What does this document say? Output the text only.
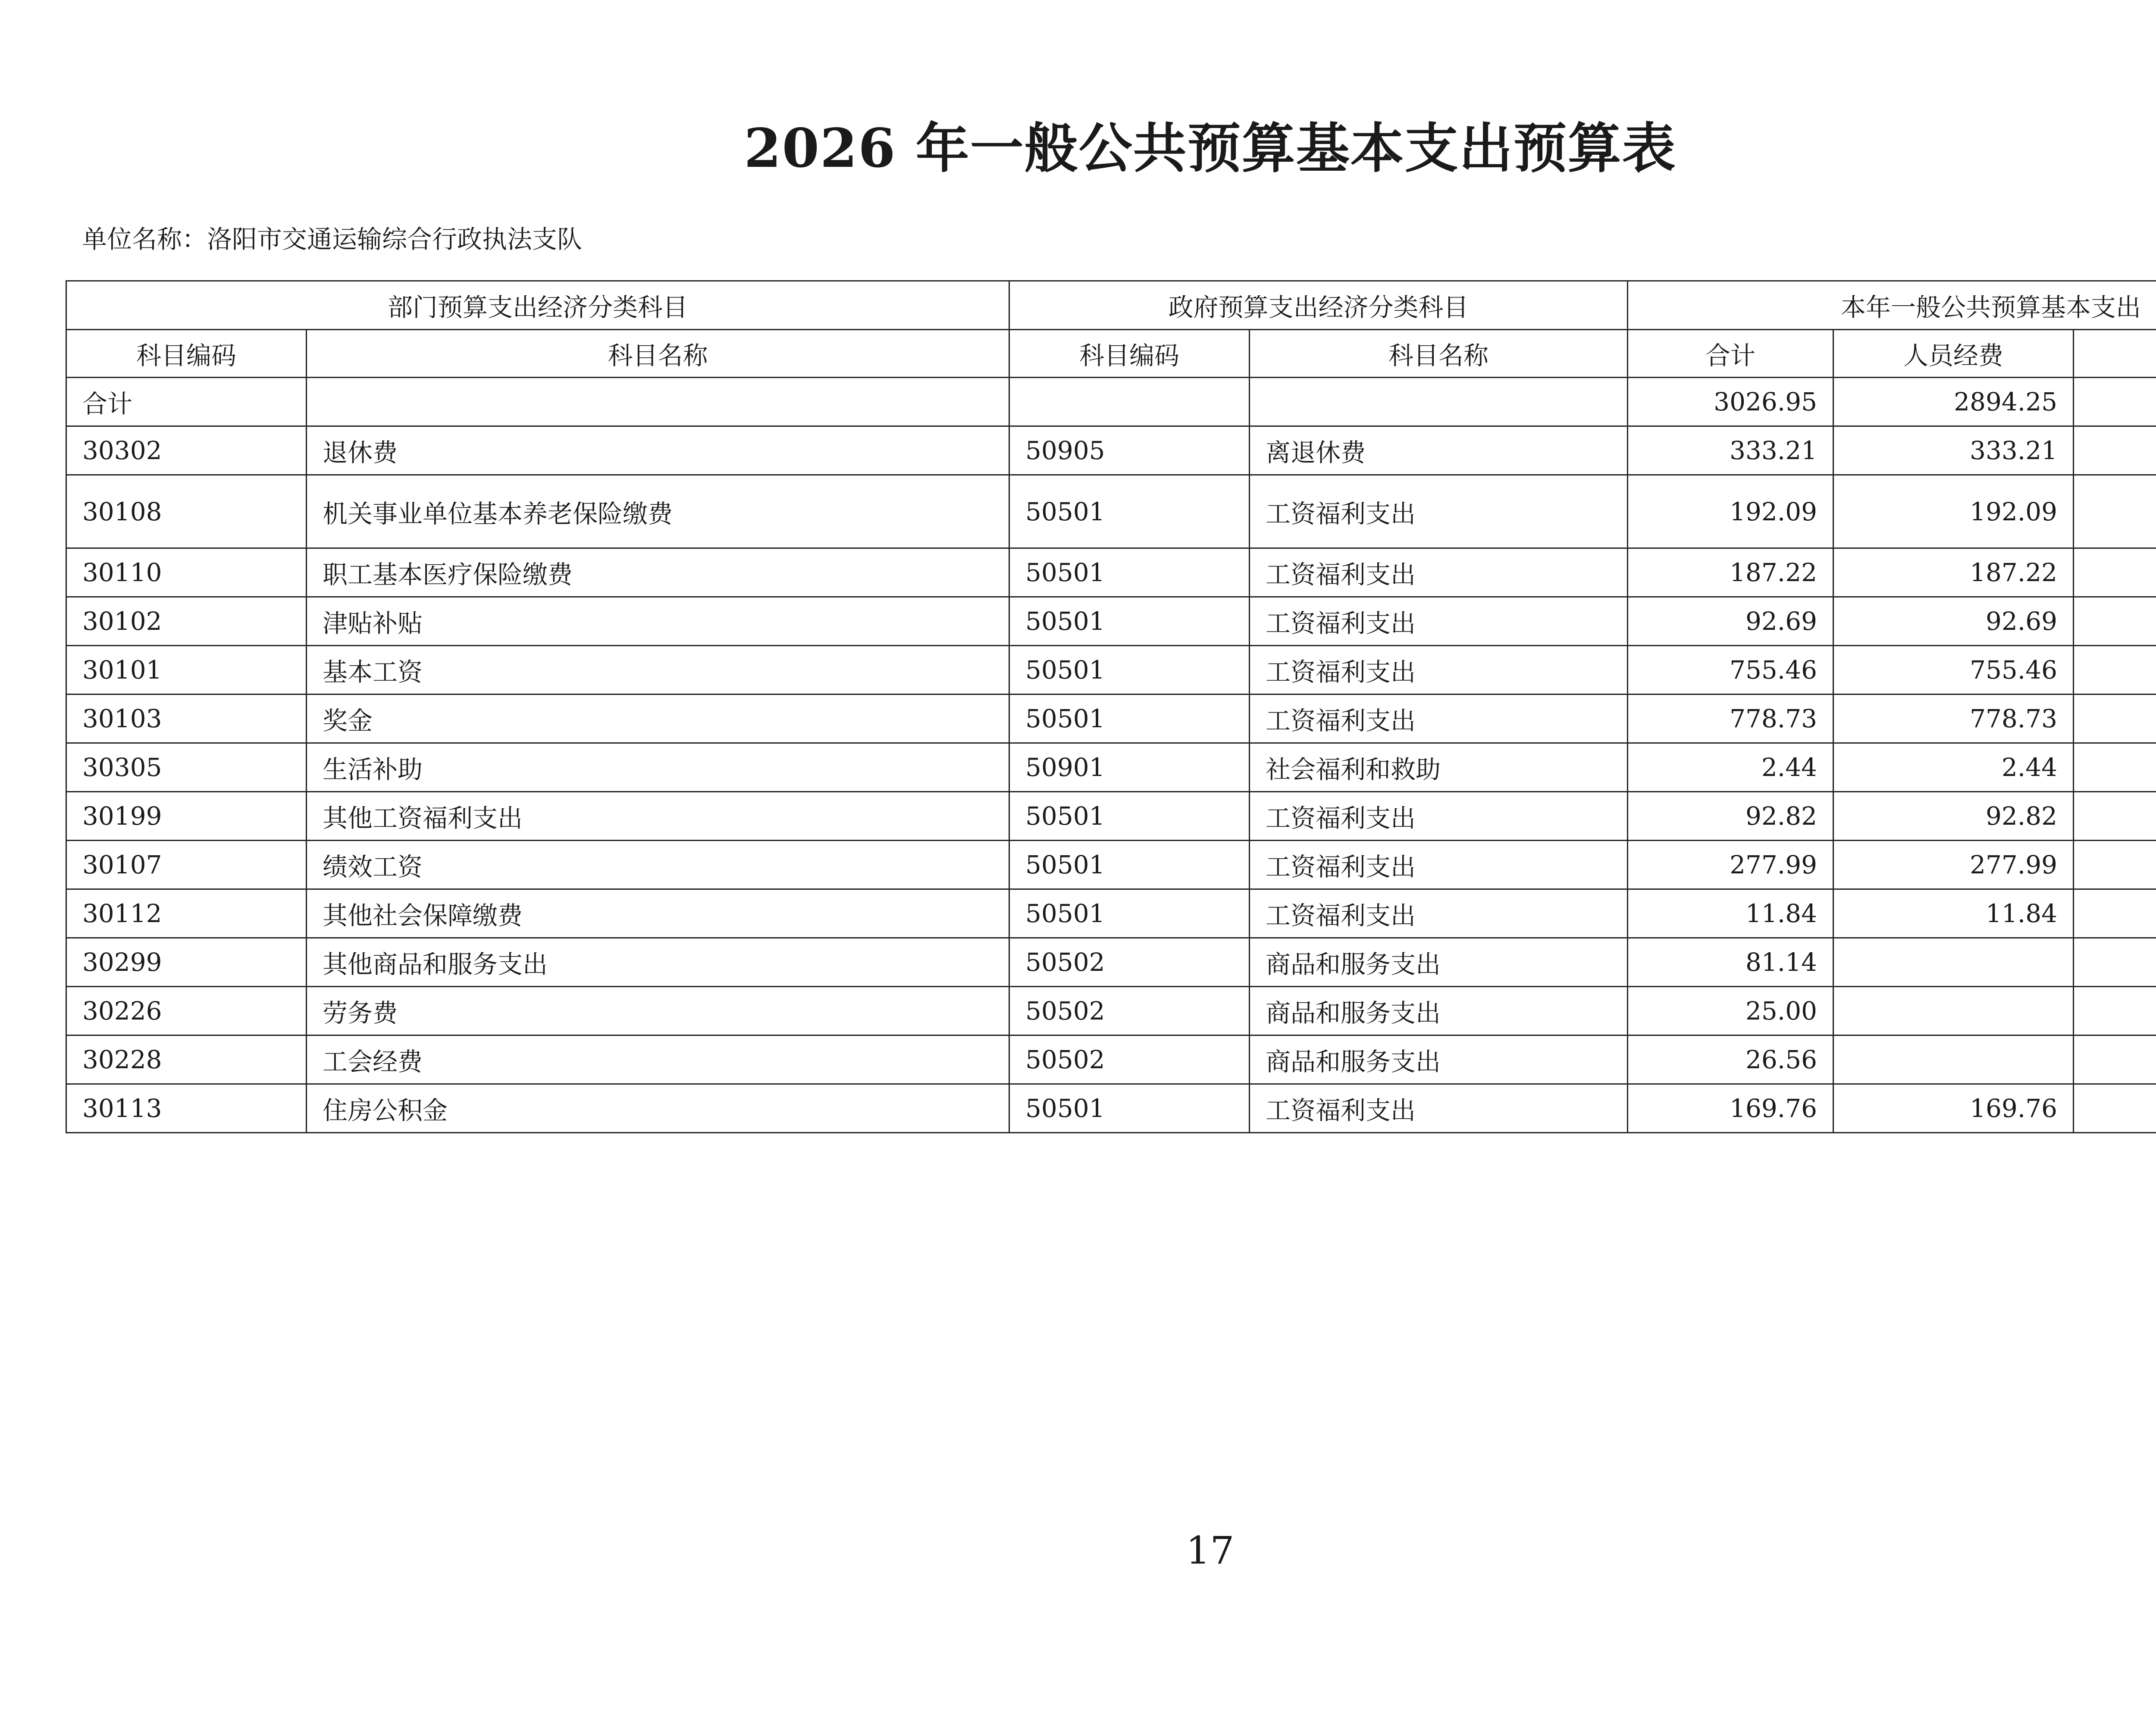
2026 年一般公共预算基本支出预算表
单位名称：洛阳市交通运输综合行政执法支队
部门预算支出经济分类科目		政府预算支出经济分类科目		本年一般公共预算基本支出		
科目编码	科目名称	科目编码	科目名称	合计	人员经费	
合计				3026.95	2894.25	
30302	退休费	50905	离退休费	333.21	333.21	
30108	机关事业单位基本养老保险缴费	50501	工资福利支出	192.09	192.09	
30110	职工基本医疗保险缴费	50501	工资福利支出	187.22	187.22	
30102	津贴补贴	50501	工资福利支出	92.69	92.69	
30101	基本工资	50501	工资福利支出	755.46	755.46	
30103	奖金	50501	工资福利支出	778.73	778.73	
30305	生活补助	50901	社会福利和救助	2.44	2.44	
30199	其他工资福利支出	50501	工资福利支出	92.82	92.82	
30107	绩效工资	50501	工资福利支出	277.99	277.99	
30112	其他社会保障缴费	50501	工资福利支出	11.84	11.84	
30299	其他商品和服务支出	50502	商品和服务支出	81.14		
30226	劳务费	50502	商品和服务支出	25.00		
30228	工会经费	50502	商品和服务支出	26.56		
30113	住房公积金	50501	工资福利支出	169.76	169.76	
17
